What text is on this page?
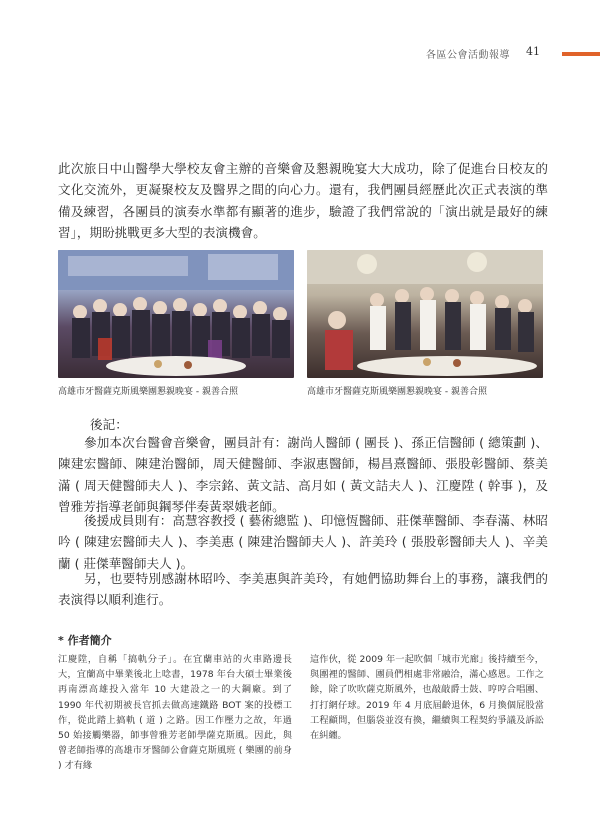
各區公會活動報導 41

此次旅日中山醫學大學校友會主辦的音樂會及懇親晚宴大大成功，除了促進台日校友的文化交流外，更凝聚校友及醫界之間的向心力。還有，我們團員經歷此次正式表演的準備及練習，各團員的演奏水準都有顯著的進步，驗證了我們常說的「演出就是最好的練習」，期盼挑戰更多大型的表演機會。

高雄市牙醫薩克斯風樂團懇親晚宴 - 親善合照	高雄市牙醫薩克斯風樂團懇親晚宴 - 親善合照
後記：

參加本次台醫會音樂會，團員計有：謝尚人醫師 ( 團長 )、孫正信醫師 ( 總策劃 )、陳建宏醫師、陳建治醫師，周天健醫師、李淑惠醫師，楊昌熹醫師、張股彰醫師、蔡美滿 ( 周天健醫師夫人 )、李宗銘、黃文詰、高月如 ( 黃文詰夫人 )、江慶陞 ( 幹事 )，及曾雅芳指導老師與鋼琴伴奏黃翠娥老師。

後援成員則有：高慧容教授 ( 藝術總監 )、印憶恆醫師、莊傑華醫師、李春滿、林昭吟 ( 陳建宏醫師夫人 )、李美惠 ( 陳建治醫師夫人 )、許美玲 ( 張股彰醫師夫人 )、辛美蘭 ( 莊傑華醫師夫人 )。

另，也要特別感謝林昭吟、李美惠與許美玲，有她們協助舞台上的事務，讓我們的表演得以順利進行。

* 作者簡介

江慶陞，自稱「搞軌分子」。在宜蘭車站的火車路邊長大，宜蘭高中畢業後北上唸書，1978 年台大碩士畢業後再南漂高雄投入當年 10 大建設之一的大鋼廠。到了 1990 年代初期被長官抓去做高速鐵路 BOT 案的投標工作，從此踏上搞軌 ( 道 ) 之路。因工作壓力之故，年過 50 始接觸樂器，師事曾雅芳老師學薩克斯風。因此，與曾老師指導的高雄市牙醫師公會薩克斯風班 ( 樂團的前身 ) 才有緣

這作伙，從 2009 年一起吹個「城市光廊」後持續至今，與團裡的醫師、團員們相處非常融洽，滿心感恩。工作之餘，除了吹吹薩克斯風外，也敲敲爵士鼓、哼哼合唱團、打打網仔球。2019 年 4 月底屆齡退休，6 月換個屁股當工程顧問，但腦袋並沒有換，繼續與工程契約爭議及訴訟在糾纏。
